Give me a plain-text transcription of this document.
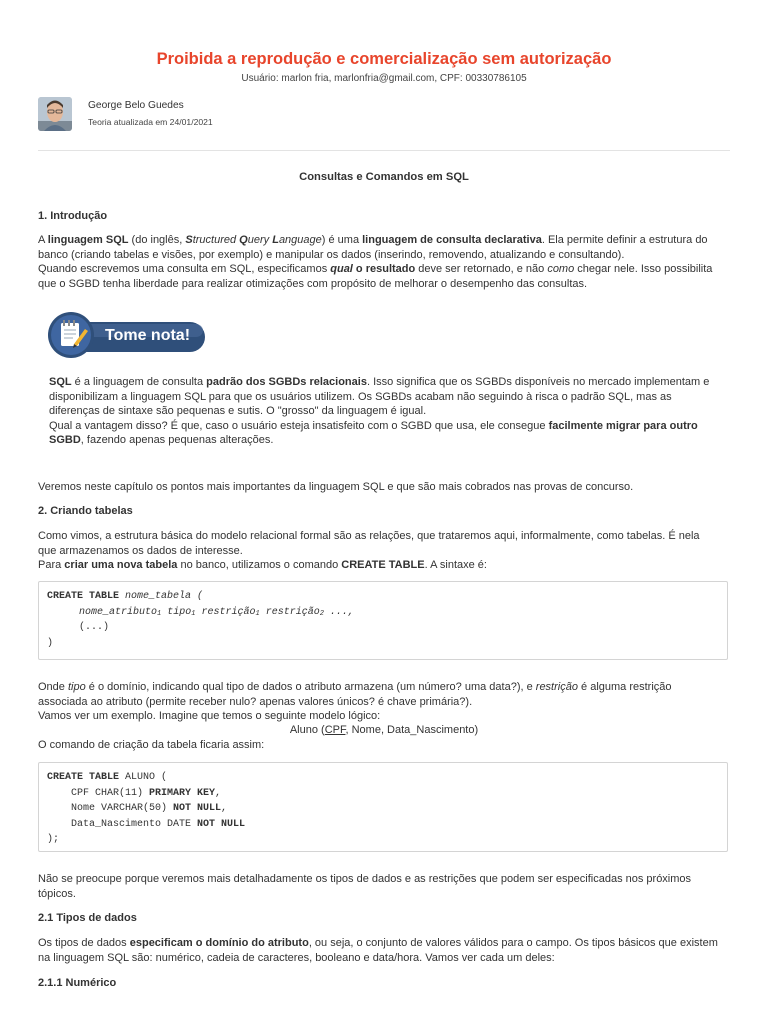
Proibida a reprodução e comercialização sem autorização
Usuário: marlon fria, marlonfria@gmail.com, CPF: 00330786105
George Belo Guedes
Teoria atualizada em 24/01/2021
Consultas e Comandos em SQL
1. Introdução

A linguagem SQL (do inglês, Structured Query Language) é uma linguagem de consulta declarativa. Ela permite definir a estrutura do

banco (criando tabelas e visões, por exemplo) e manipular os dados (inserindo, removendo, atualizando e consultando).

Quando escrevemos uma consulta em SQL, especificamos qual o resultado deve ser retornado, e não como chegar nele. Isso possibilita

que o SGBD tenha liberdade para realizar otimizações com propósito de melhorar o desempenho das consultas.

Tome nota!

SQL é a linguagem de consulta padrão dos SGBDs relacionais. Isso significa que os SGBDs disponíveis no mercado implementam e

disponibilizam a linguagem SQL para que os usuários utilizem. Os SGBDs acabam não seguindo à risca o padrão SQL, mas as

diferenças de sintaxe são pequenas e sutis. O "grosso" da linguagem é igual.

Qual a vantagem disso? É que, caso o usuário esteja insatisfeito com o SGBD que usa, ele consegue facilmente migrar para outro

SGBD, fazendo apenas pequenas alterações.

Veremos neste capítulo os pontos mais importantes da linguagem SQL e que são mais cobrados nas provas de concurso.
2. Criando tabelas

Como vimos, a estrutura básica do modelo relacional formal são as relações, que trataremos aqui, informalmente, como tabelas. É nela

que armazenamos os dados de interesse.

Para criar uma nova tabela no banco, utilizamos o comando CREATE TABLE. A sintaxe é:

CREATE TABLE nome_tabela (
nome_atributo$_1$ tipo$_1$ restrição$_1$ restrição$_2$ ...,
(...)
)

Onde tipo é o domínio, indicando qual tipo de dados o atributo armazena (um número? uma data?), e restrição é alguma restrição

associada ao atributo (permite receber nulo? apenas valores únicos? é chave primária?).

Vamos ver um exemplo. Imagine que temos o seguinte modelo lógico:

Aluno (CPF, Nome, Data_Nascimento)
O comando de criação da tabela ficaria assim:
CREATE TABLE ALUNO (
CPF CHAR(11) PRIMARY KEY,
Nome VARCHAR(50) NOT NULL,
Data_Nascimento DATE NOT NULL
);

Não se preocupe porque veremos mais detalhadamente os tipos de dados e as restrições que podem ser especificadas nos próximos

tópicos.

2.1 Tipos de dados

Os tipos de dados especificam o domínio do atributo, ou seja, o conjunto de valores válidos para o campo. Os tipos básicos que existem

na linguagem SQL são: numérico, cadeia de caracteres, booleano e data/hora. Vamos ver cada um deles:

2.1.1 Numérico
